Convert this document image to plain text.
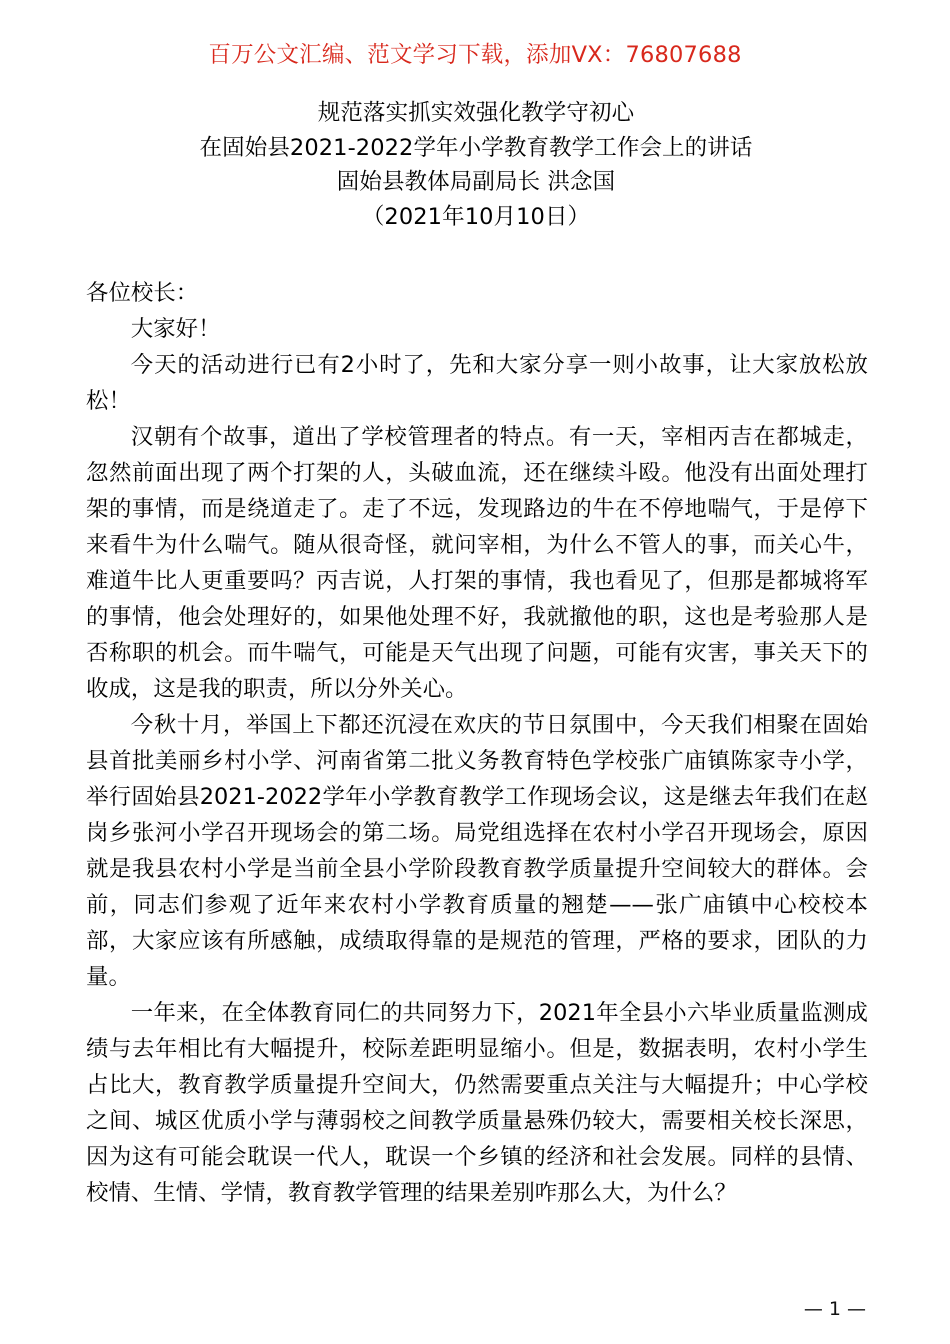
百万公文汇编、范文学习下载，添加VX：76807688
规范落实抓实效强化教学守初心
在固始县2021-2022学年小学教育教学工作会上的讲话
固始县教体局副局长 洪念国
（2021年10月10日）

各位校长：

大家好！

今天的活动进行已有2小时了，先和大家分享一则小故事，让大家放松放松！

汉朝有个故事，道出了学校管理者的特点。有一天，宰相丙吉在都城走，忽然前面出现了两个打架的人，头破血流，还在继续斗殴。他没有出面处理打架的事情，而是绕道走了。走了不远，发现路边的牛在不停地喘气，于是停下来看牛为什么喘气。随从很奇怪，就问宰相，为什么不管人的事，而关心牛，难道牛比人更重要吗？丙吉说，人打架的事情，我也看见了，但那是都城将军的事情，他会处理好的，如果他处理不好，我就撤他的职，这也是考验那人是否称职的机会。而牛喘气，可能是天气出现了问题，可能有灾害，事关天下的收成，这是我的职责，所以分外关心。

今秋十月，举国上下都还沉浸在欢庆的节日氛围中，今天我们相聚在固始县首批美丽乡村小学、河南省第二批义务教育特色学校张广庙镇陈家寺小学，举行固始县2021-2022学年小学教育教学工作现场会议，这是继去年我们在赵岗乡张河小学召开现场会的第二场。局党组选择在农村小学召开现场会，原因就是我县农村小学是当前全县小学阶段教育教学质量提升空间较大的群体。会前，同志们参观了近年来农村小学教育质量的翘楚——张广庙镇中心校校本部，大家应该有所感触，成绩取得靠的是规范的管理，严格的要求，团队的力量。

一年来，在全体教育同仁的共同努力下，2021年全县小六毕业质量监测成绩与去年相比有大幅提升，校际差距明显缩小。但是，数据表明，农村小学生占比大，教育教学质量提升空间大，仍然需要重点关注与大幅提升；中心学校之间、城区优质小学与薄弱校之间教学质量悬殊仍较大，需要相关校长深思，因为这有可能会耽误一代人，耽误一个乡镇的经济和社会发展。同样的县情、校情、生情、学情，教育教学管理的结果差别咋那么大，为什么？

— 1 —
